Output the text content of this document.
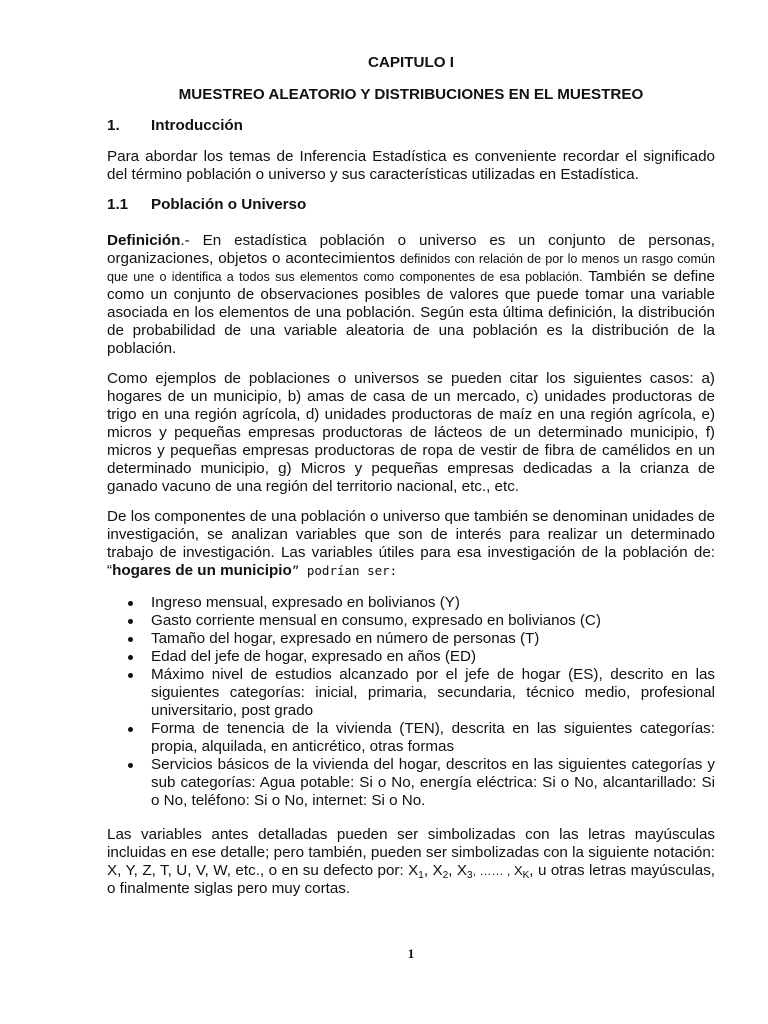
CAPITULO I

MUESTREO ALEATORIO Y DISTRIBUCIONES EN EL MUESTREO

1. Introducción

Para abordar los temas de Inferencia Estadística es conveniente recordar el significado del término población o universo y sus características utilizadas en Estadística.

1.1 Población o Universo

Definición.- En estadística población o universo es un conjunto de personas, organizaciones, objetos o acontecimientos definidos con relación de por lo menos un rasgo común que une o identifica a todos sus elementos como componentes de esa población. También se define como un conjunto de observaciones posibles de valores que puede tomar una variable asociada en los elementos de una población. Según esta última definición, la distribución de probabilidad de una variable aleatoria de una población es la distribución de la población.

Como ejemplos de poblaciones o universos se pueden citar los siguientes casos: a) hogares de un municipio, b) amas de casa de un mercado, c) unidades productoras de trigo en una región agrícola, d) unidades productoras de maíz en una región agrícola, e) micros y pequeñas empresas productoras de lácteos de un determinado municipio, f) micros y pequeñas empresas productoras de ropa de vestir de fibra de camélidos en un determinado municipio, g) Micros y pequeñas empresas dedicadas a la crianza de ganado vacuno de una región del territorio nacional, etc., etc.

De los componentes de una población o universo que también se denominan unidades de investigación, se analizan variables que son de interés para realizar un determinado trabajo de investigación. Las variables útiles para esa investigación de la población de: “hogares de un municipio” podrían ser:

Ingreso mensual, expresado en bolivianos (Y)
Gasto corriente mensual en consumo, expresado en bolivianos (C)
Tamaño del hogar, expresado en número de personas (T)
Edad del jefe de hogar, expresado en años (ED)
Máximo nivel de estudios alcanzado por el jefe de hogar (ES), descrito en las siguientes categorías: inicial, primaria, secundaria, técnico medio, profesional universitario, post grado
Forma de tenencia de la vivienda (TEN), descrita en las siguientes categorías: propia, alquilada, en anticrético, otras formas
Servicios básicos de la vivienda del hogar, descritos en las siguientes categorías y sub categorías: Agua potable: Si o No, energía eléctrica: Si o No, alcantarillado: Si o No, teléfono: Si o No, internet: Si o No.

Las variables antes detalladas pueden ser simbolizadas con las letras mayúsculas incluidas en ese detalle; pero también, pueden ser simbolizadas con la siguiente notación: X, Y, Z, T, U, V, W, etc., o en su defecto por: $X_1$, $X_2$, $X_3$, …… , $X_K$, u otras letras mayúsculas, o finalmente siglas pero muy cortas.

1
